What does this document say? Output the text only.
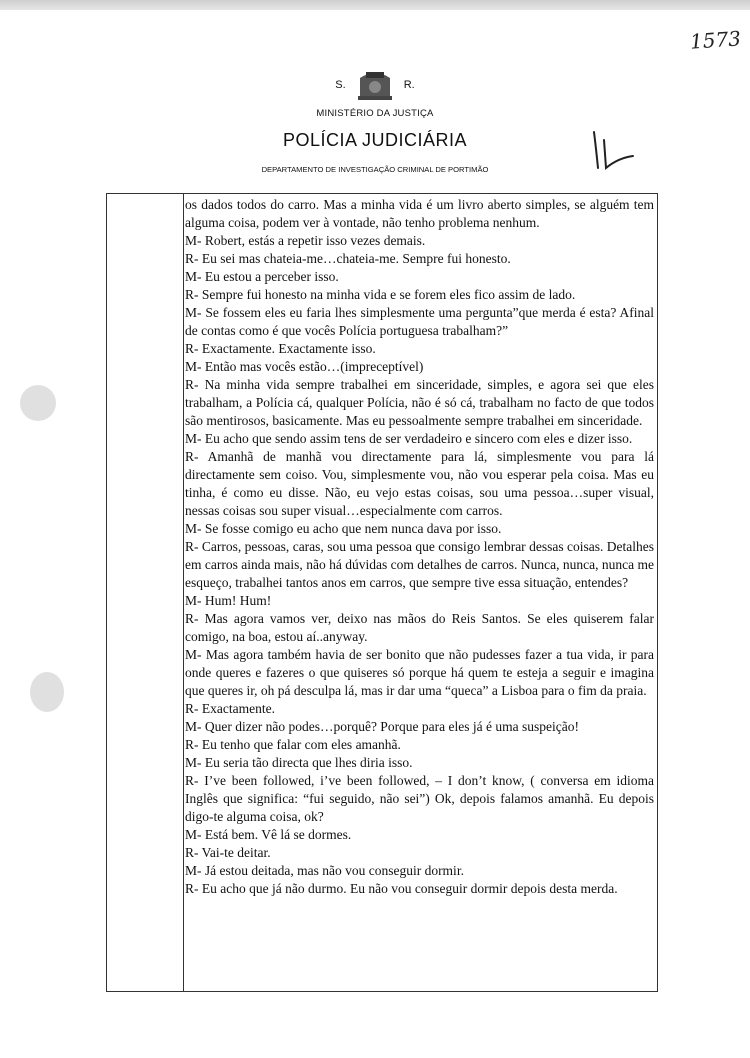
1573
S.	R.
MINISTÉRIO DA JUSTIÇA
POLÍCIA JUDICIÁRIA
DEPARTAMENTO DE INVESTIGAÇÃO CRIMINAL DE PORTIMÃO

os dados todos do carro. Mas a minha vida é um livro aberto simples, se alguém tem alguma coisa, podem ver à vontade, não tenho problema nenhum.

M- Robert, estás a repetir isso vezes demais.

R- Eu sei mas chateia-me…chateia-me. Sempre fui honesto.

M- Eu estou a perceber isso.

R- Sempre fui honesto na minha vida e se forem eles fico assim de lado.

M- Se fossem eles eu faria lhes simplesmente uma pergunta”que merda é esta? Afinal de contas como é que vocês Polícia portuguesa trabalham?”

R- Exactamente. Exactamente isso.

M- Então mas vocês estão…(impreceptível)

R- Na minha vida sempre trabalhei em sinceridade, simples, e agora sei que eles trabalham, a Polícia cá, qualquer Polícia, não é só cá, trabalham no facto de que todos são mentirosos, basicamente. Mas eu pessoalmente sempre trabalhei em sinceridade.

M- Eu acho que sendo assim tens de ser verdadeiro e sincero com eles e dizer isso.

R- Amanhã de manhã vou directamente para lá, simplesmente vou para lá directamente sem coiso. Vou, simplesmente vou, não vou esperar pela coisa. Mas eu tinha, é como eu disse. Não, eu vejo estas coisas, sou uma pessoa…super visual, nessas coisas sou super visual…especialmente com carros.

M- Se fosse comigo eu acho que nem nunca dava por isso.

R- Carros, pessoas, caras, sou uma pessoa que consigo lembrar dessas coisas. Detalhes em carros ainda mais, não há dúvidas com detalhes de carros. Nunca, nunca, nunca me esqueço, trabalhei tantos anos em carros, que sempre tive essa situação, entendes?

M- Hum! Hum!

R- Mas agora vamos ver, deixo nas mãos do Reis Santos. Se eles quiserem falar comigo, na boa, estou aí..anyway.

M- Mas agora também havia de ser bonito que não pudesses fazer a tua vida, ir para onde queres e fazeres o que quiseres só porque há quem te esteja a seguir e imagina que queres ir, oh pá desculpa lá, mas ir dar uma “queca” a Lisboa para o fim da praia.

R- Exactamente.

M- Quer dizer não podes…porquê? Porque para eles já é uma suspeição!

R- Eu tenho que falar com eles amanhã.

M- Eu seria tão directa que lhes diria isso.

R- I’ve been followed, i’ve been followed, – I don’t know, ( conversa em idioma Inglês que significa: “fui seguido, não sei”) Ok, depois falamos amanhã. Eu depois digo-te alguma coisa, ok?

M- Está bem. Vê lá se dormes.

R- Vai-te deitar.

M- Já estou deitada, mas não vou conseguir dormir.

R- Eu acho que já não durmo. Eu não vou conseguir dormir depois desta merda.
